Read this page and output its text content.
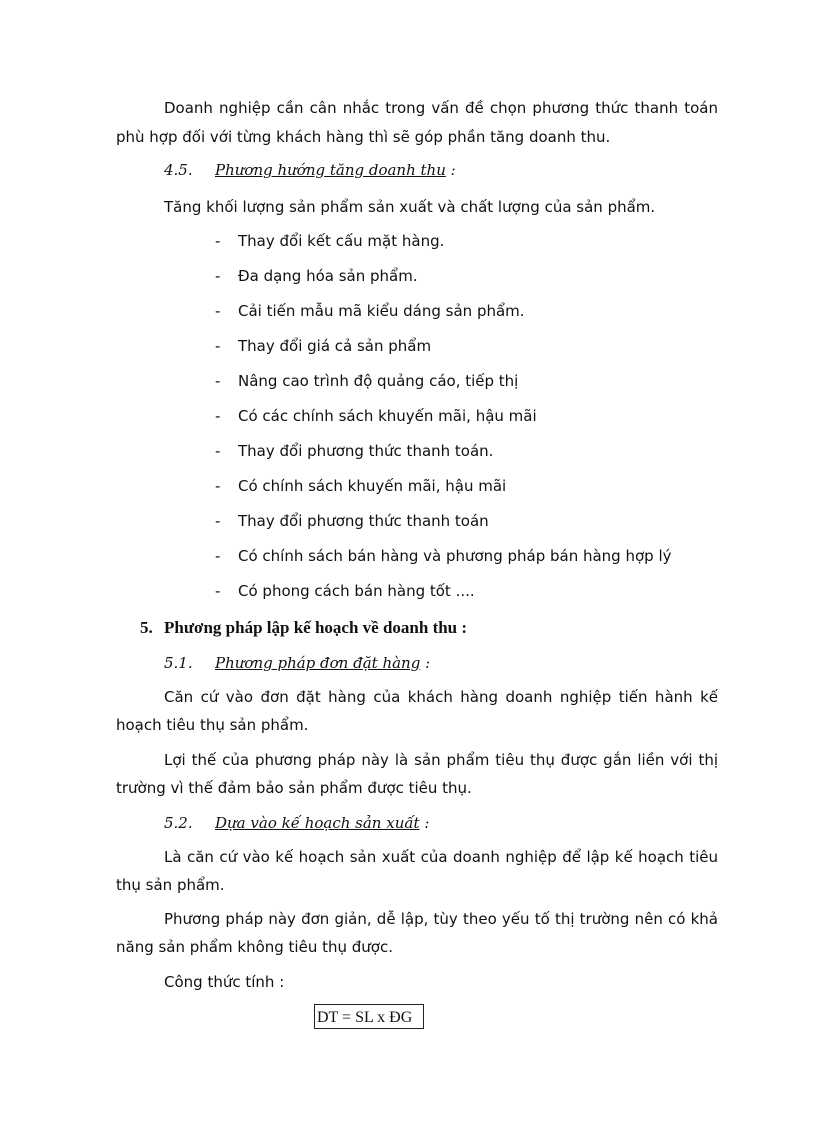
Doanh nghiệp cần cân nhắc trong vấn đề chọn phương thức thanh toán
phù hợp đối với từng khách hàng thì sẽ góp phần tăng doanh thu.
4.5. Phương hướng tăng doanh thu :
Tăng khối lượng sản phẩm sản xuất và chất lượng của sản phẩm.
- Thay đổi kết cấu mặt hàng.
- Đa dạng hóa sản phẩm.
- Cải tiến mẫu mã kiểu dáng sản phẩm.
- Thay đổi giá cả sản phẩm
- Nâng cao trình độ quảng cáo, tiếp thị
- Có các chính sách khuyến mãi, hậu mãi
- Thay đổi phương thức thanh toán.
- Có chính sách khuyến mãi, hậu mãi
- Thay đổi phương thức thanh toán
- Có chính sách bán hàng và phương pháp bán hàng hợp lý
- Có phong cách bán hàng tốt ....
5. Phương pháp lập kế hoạch về doanh thu :
5.1. Phương pháp đơn đặt hàng :
Căn cứ vào đơn đặt hàng của khách hàng doanh nghiệp tiến hành kế
hoạch tiêu thụ sản phẩm.
Lợi thế của phương pháp này là sản phẩm tiêu thụ được gắn liền với thị
trường vì thế đảm bảo sản phẩm được tiêu thụ.
5.2. Dựa vào kế hoạch sản xuất :
Là căn cứ vào kế hoạch sản xuất của doanh nghiệp để lập kế hoạch tiêu
thụ sản phẩm.
Phương pháp này đơn giản, dễ lập, tùy theo yếu tố thị trường nên có khả
năng sản phẩm không tiêu thụ được.
Công thức tính :
DT = SL x ĐG
